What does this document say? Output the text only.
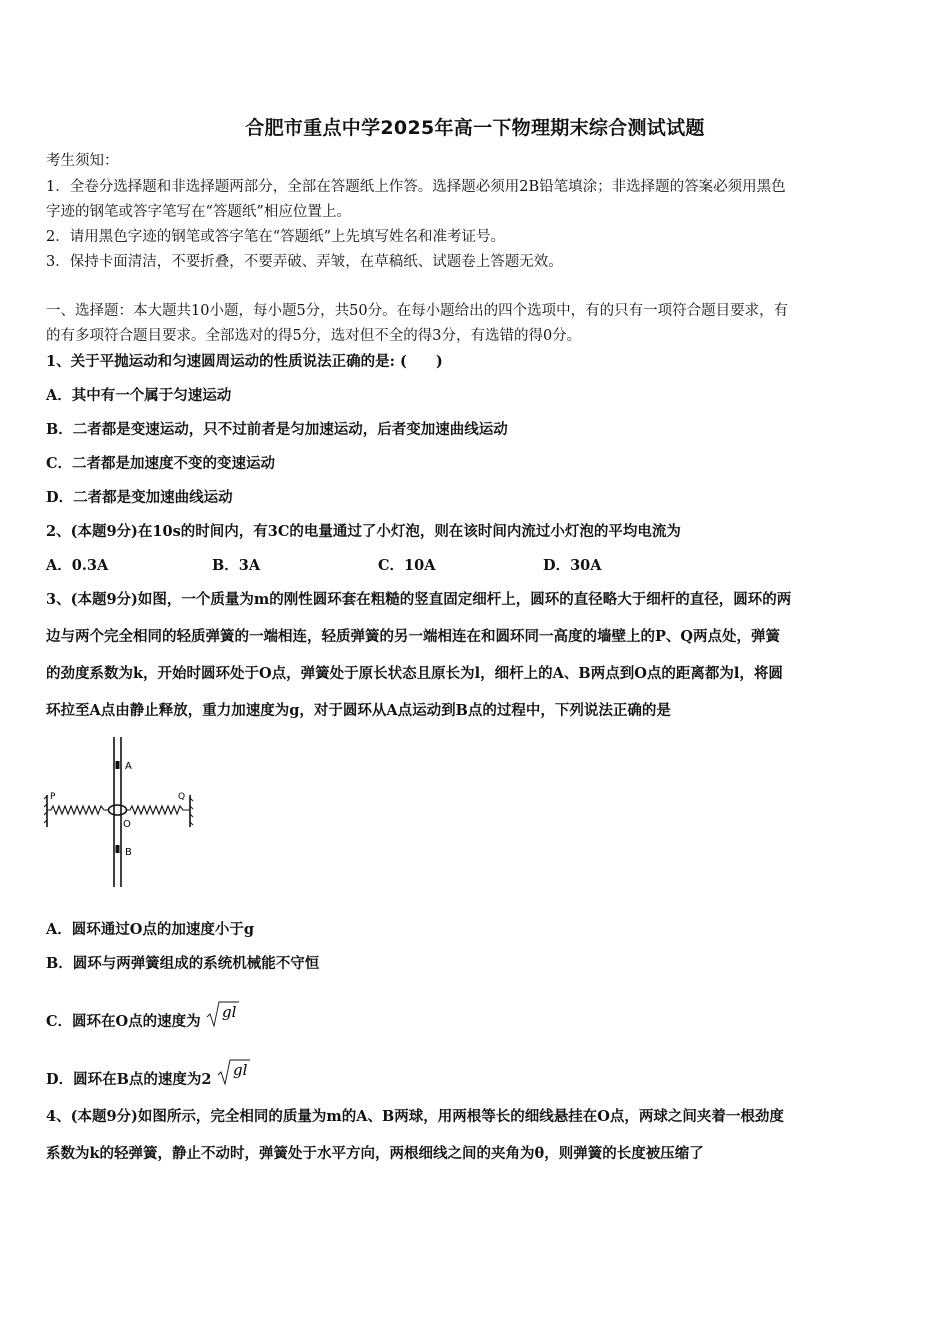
合肥市重点中学2025年高一下物理期末综合测试试题
考生须知：
1．全卷分选择题和非选择题两部分，全部在答题纸上作答。选择题必须用2B铅笔填涂；非选择题的答案必须用黑色
字迹的钢笔或答字笔写在“答题纸”相应位置上。
2．请用黑色字迹的钢笔或答字笔在“答题纸”上先填写姓名和准考证号。
3．保持卡面清洁，不要折叠，不要弄破、弄皱，在草稿纸、试题卷上答题无效。
一、选择题：本大题共10小题，每小题5分，共50分。在每小题给出的四个选项中，有的只有一项符合题目要求，有
的有多项符合题目要求。全部选对的得5分，选对但不全的得3分，有选错的得0分。
1、关于平抛运动和匀速圆周运动的性质说法正确的是: (　　)
A．其中有一个属于匀速运动
B．二者都是变速运动，只不过前者是匀加速运动，后者变加速曲线运动
C．二者都是加速度不变的变速运动
D．二者都是变加速曲线运动
2、(本题9分)在10s的时间内，有3C的电量通过了小灯泡，则在该时间内流过小灯泡的平均电流为
A．0.3A	B．3A	C．10A	D．30A
3、(本题9分)如图，一个质量为m的刚性圆环套在粗糙的竖直固定细杆上，圆环的直径略大于细杆的直径，圆环的两
边与两个完全相同的轻质弹簧的一端相连，轻质弹簧的另一端相连在和圆环同一高度的墙壁上的P、Q两点处，弹簧
的劲度系数为k，开始时圆环处于O点，弹簧处于原长状态且原长为l，细杆上的A、B两点到O点的距离都为l，将圆
环拉至A点由静止释放，重力加速度为g，对于圆环从A点运动到B点的过程中，下列说法正确的是
A
B
O
P	Q
A．圆环通过O点的加速度小于g
B．圆环与两弹簧组成的系统机械能不守恒
C．圆环在O点的速度为
gl
D．圆环在B点的速度为2
gl
4、(本题9分)如图所示，完全相同的质量为m的A、B两球，用两根等长的细线悬挂在O点，两球之间夹着一根劲度
系数为k的轻弹簧，静止不动时，弹簧处于水平方向，两根细线之间的夹角为θ，则弹簧的长度被压缩了
